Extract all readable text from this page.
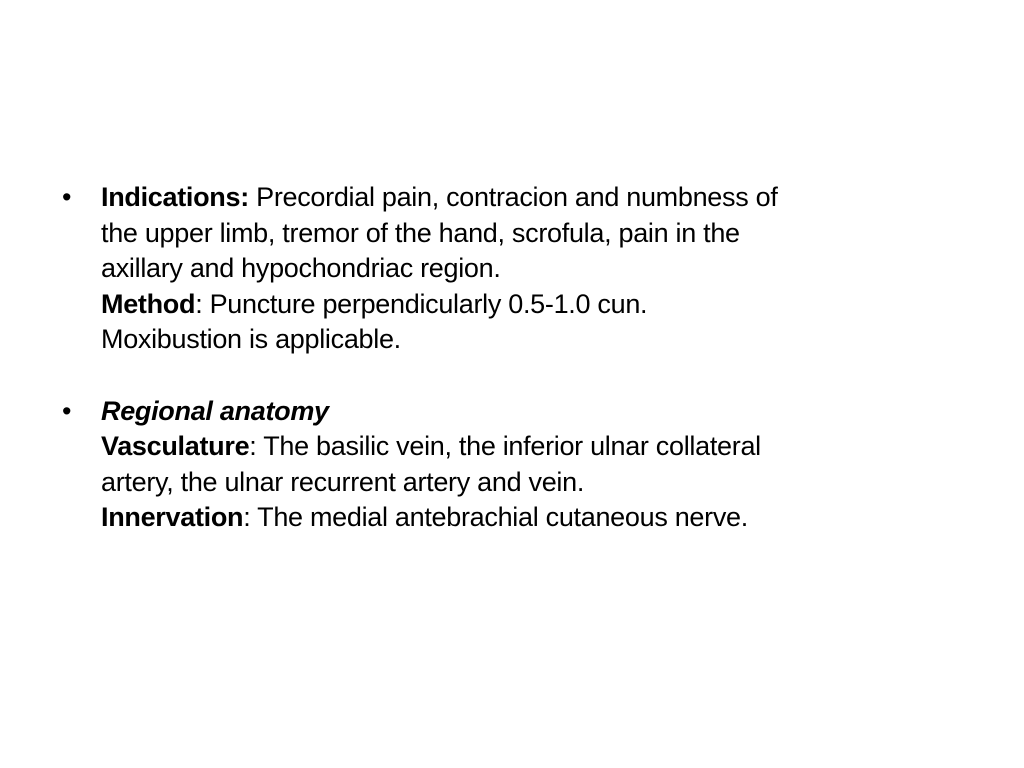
•	Indications: Precordial pain, contracion and numbness of
the upper limb, tremor of the hand, scrofula, pain in the
axillary and hypochondriac region.
Method: Puncture perpendicularly 0.5-1.0 cun.
Moxibustion is applicable.
•	Regional anatomy
Vasculature: The basilic vein, the inferior ulnar collateral
artery, the ulnar recurrent artery and vein.
Innervation: The medial antebrachial cutaneous nerve.
